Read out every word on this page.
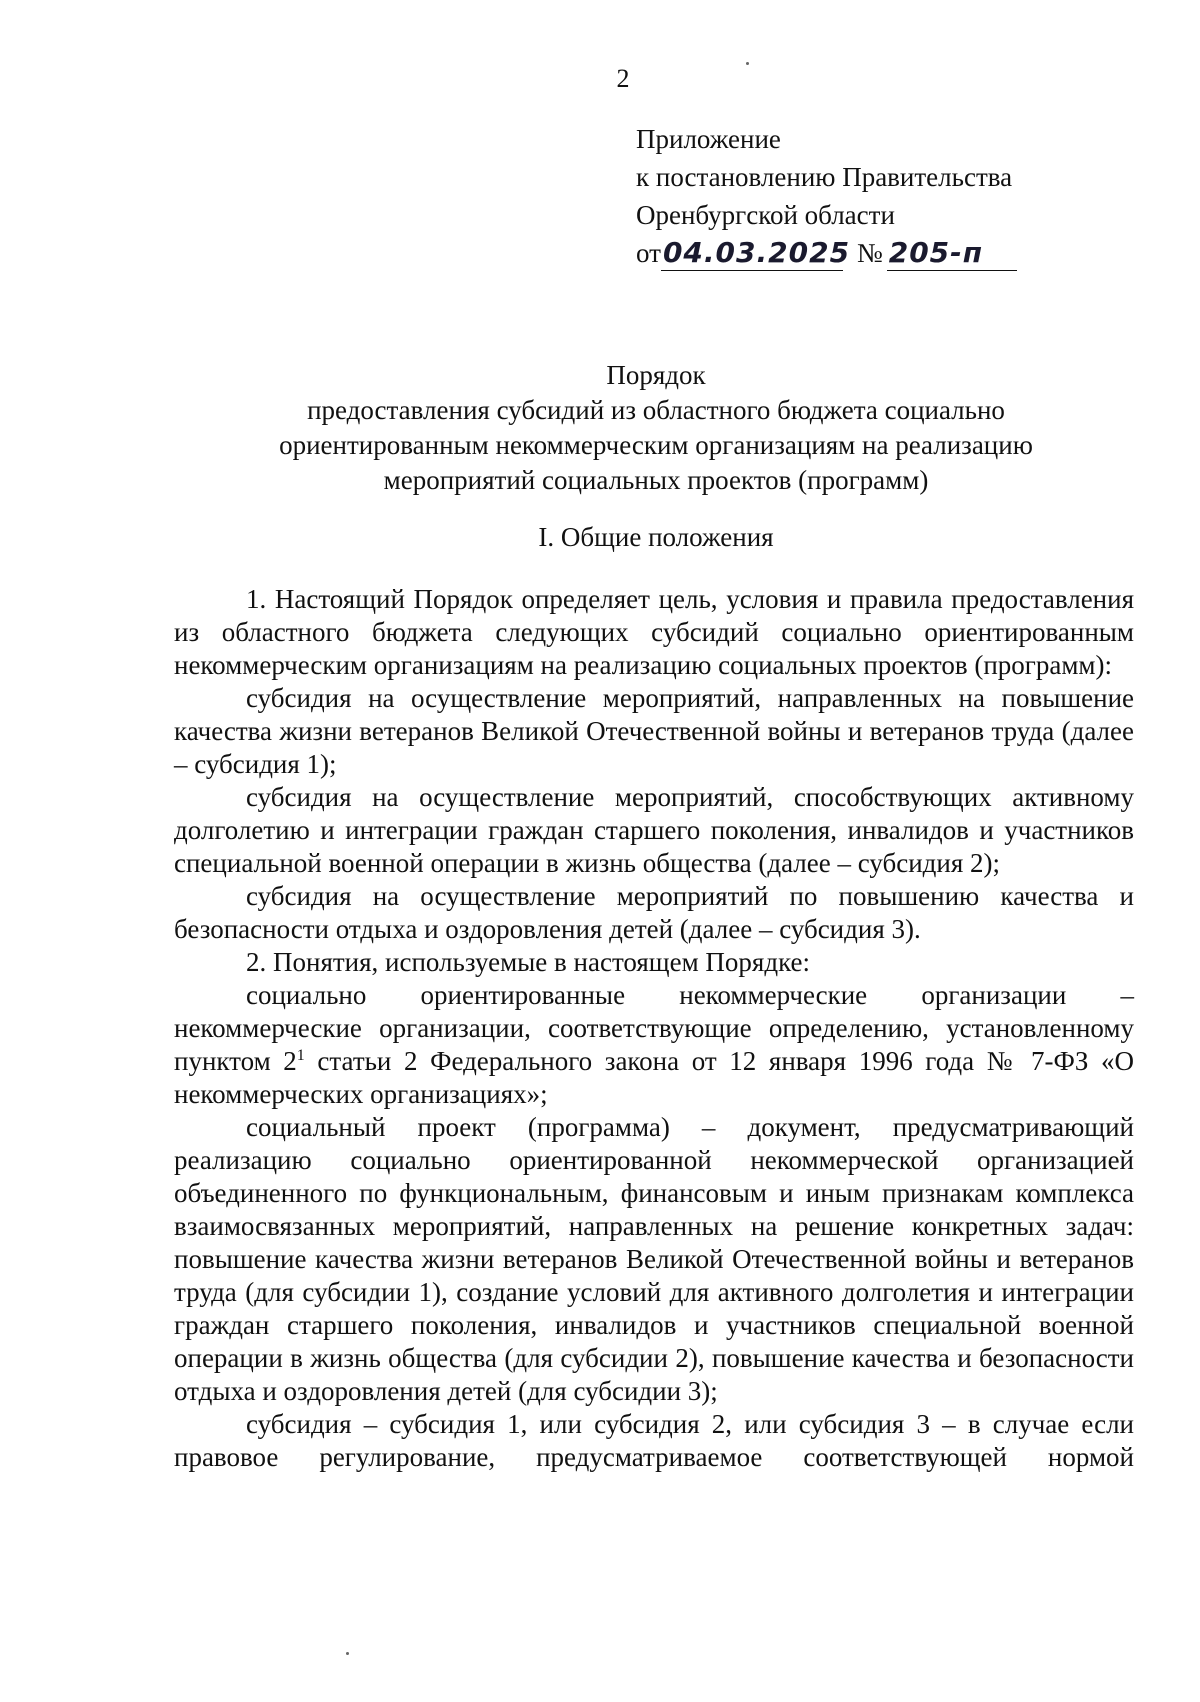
2
Приложение
к постановлению Правительства
Оренбургской области
от 04.03.2025 № 205-п
Порядок
предоставления субсидий из областного бюджета социально
ориентированным некоммерческим организациям на реализацию
мероприятий социальных проектов (программ)
I. Общие положения

1. Настоящий Порядок определяет цель, условия и правила предоставления из областного бюджета следующих субсидий социально ориентированным некоммерческим организациям на реализацию социальных проектов (программ):

субсидия на осуществление мероприятий, направленных на повышение качества жизни ветеранов Великой Отечественной войны и ветеранов труда (далее – субсидия 1);

субсидия на осуществление мероприятий, способствующих активному долголетию и интеграции граждан старшего поколения, инвалидов и участников специальной военной операции в жизнь общества (далее – субсидия 2);

субсидия на осуществление мероприятий по повышению качества и безопасности отдыха и оздоровления детей (далее – субсидия 3).

2. Понятия, используемые в настоящем Порядке:

социально ориентированные некоммерческие организации – некоммерческие организации, соответствующие определению, установленному пунктом $2^1$ статьи 2 Федерального закона от 12 января 1996 года № 7-ФЗ «О некоммерческих организациях»;

социальный проект (программа) – документ, предусматривающий реализацию социально ориентированной некоммерческой организацией объединенного по функциональным, финансовым и иным признакам комплекса взаимосвязанных мероприятий, направленных на решение конкретных задач: повышение качества жизни ветеранов Великой Отечественной войны и ветеранов труда (для субсидии 1), создание условий для активного долголетия и интеграции граждан старшего поколения, инвалидов и участников специальной военной операции в жизнь общества (для субсидии 2), повышение качества и безопасности отдыха и оздоровления детей (для субсидии 3);

субсидия – субсидия 1, или субсидия 2, или субсидия 3 – в случае если правовое регулирование, предусматриваемое соответствующей нормой
